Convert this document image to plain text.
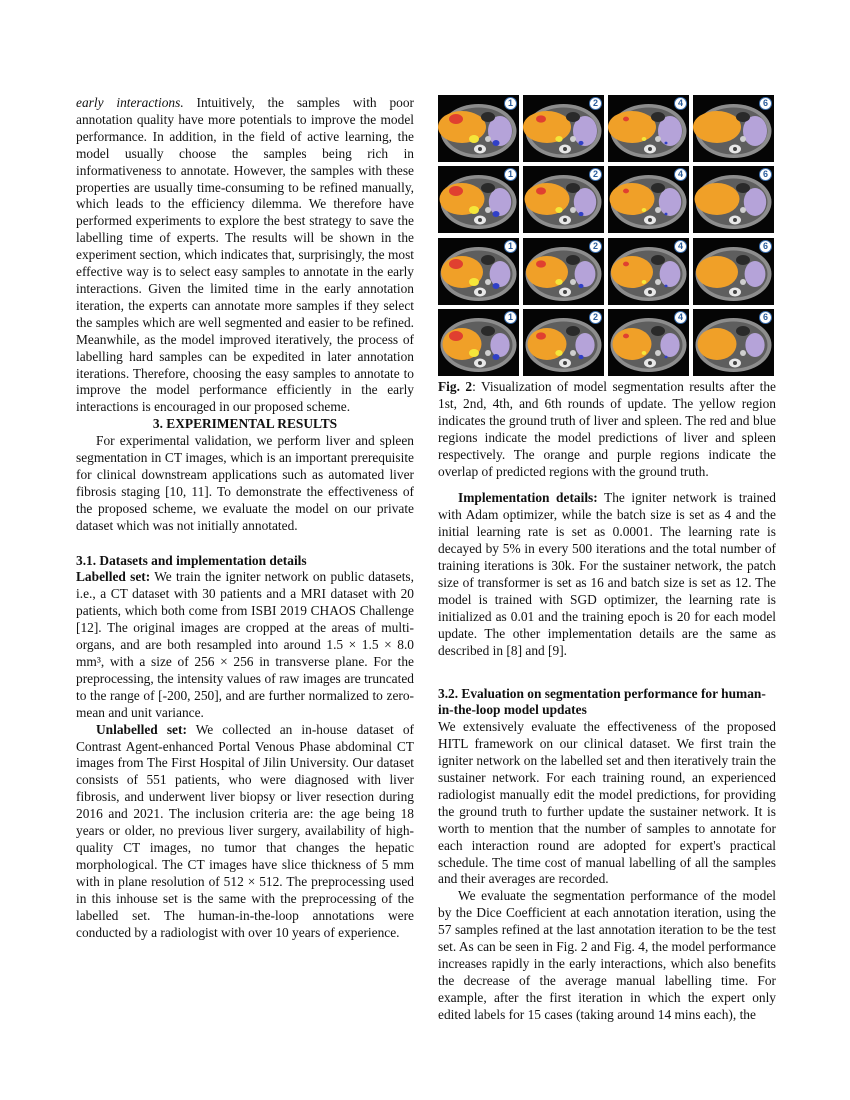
early interactions. Intuitively, the samples with poor annotation quality have more potentials to improve the model performance. In addition, in the field of active learning, the model usually choose the samples being rich in informativeness to annotate. However, the samples with these properties are usually time-consuming to be refined manually, which leads to the efficiency dilemma. We therefore have performed experiments to explore the best strategy to save the labelling time of experts. The results will be shown in the experiment section, which indicates that, surprisingly, the most effective way is to select easy samples to annotate in the early interactions. Given the limited time in the early annotation iteration, the experts can annotate more samples if they select the samples which are well segmented and easier to be refined. Meanwhile, as the model improved iteratively, the process of labelling hard samples can be expedited in later annotation iterations. Therefore, choosing the easy samples to annotate to improve the model performance efficiently in the early interactions is encouraged in our proposed scheme.

3. EXPERIMENTAL RESULTS

For experimental validation, we perform liver and spleen segmentation in CT images, which is an important prerequisite for clinical downstream applications such as automated liver fibrosis staging [10, 11]. To demonstrate the effectiveness of the proposed scheme, we evaluate the model on our private dataset which was not initially annotated.

3.1. Datasets and implementation details

Labelled set: We train the igniter network on public datasets, i.e., a CT dataset with 30 patients and a MRI dataset with 20 patients, which both come from ISBI 2019 CHAOS Challenge [12]. The original images are cropped at the areas of multi-organs, and are both resampled into around 1.5 × 1.5 × 8.0 mm³, with a size of 256 × 256 in transverse plane. For the preprocessing, the intensity values of raw images are truncated to the range of [-200, 250], and are further normalized to zero-mean and unit variance.

Unlabelled set: We collected an in-house dataset of Contrast Agent-enhanced Portal Venous Phase abdominal CT images from The First Hospital of Jilin University. Our dataset consists of 551 patients, who were diagnosed with liver fibrosis, and underwent liver biopsy or liver resection during 2016 and 2021. The inclusion criteria are: the age being 18 years or older, no previous liver surgery, availability of high-quality CT images, no tumor that changes the hepatic morphological. The CT images have slice thickness of 5 mm with in plane resolution of 512 × 512. The preprocessing used in this inhouse set is the same with the preprocessing of the labelled set. The human-in-the-loop annotations were conducted by a radiologist with over 10 years of experience.

1	2	4	6
1	2	4	6
1	2	4	6
1	2	4	6

Fig. 2: Visualization of model segmentation results after the 1st, 2nd, 4th, and 6th rounds of update. The yellow region indicates the ground truth of liver and spleen. The red and blue regions indicate the model predictions of liver and spleen respectively. The orange and purple regions indicate the overlap of predicted regions with the ground truth.

Implementation details: The igniter network is trained with Adam optimizer, while the batch size is set as 4 and the initial learning rate is set as 0.0001. The learning rate is decayed by 5% in every 500 iterations and the total number of training iterations is 30k. For the sustainer network, the patch size of transformer is set as 16 and batch size is set as 12. The model is trained with SGD optimizer, the learning rate is initialized as 0.01 and the training epoch is 20 for each model update. The other implementation details are the same as described in [8] and [9].

3.2. Evaluation on segmentation performance for human-in-the-loop model updates

We extensively evaluate the effectiveness of the proposed HITL framework on our clinical dataset. We first train the igniter network on the labelled set and then iteratively train the sustainer network. For each training round, an experienced radiologist manually edit the model predictions, for providing the ground truth to further update the sustainer network. It is worth to mention that the number of samples to annotate for each interaction round are adopted for expert's practical schedule. The time cost of manual labelling of all the samples and their averages are recorded.

We evaluate the segmentation performance of the model by the Dice Coefficient at each annotation iteration, using the 57 samples refined at the last annotation iteration to be the test set. As can be seen in Fig. 2 and Fig. 4, the model performance increases rapidly in the early interactions, which also benefits the decrease of the average manual labelling time. For example, after the first iteration in which the expert only edited labels for 15 cases (taking around 14 mins each), the
